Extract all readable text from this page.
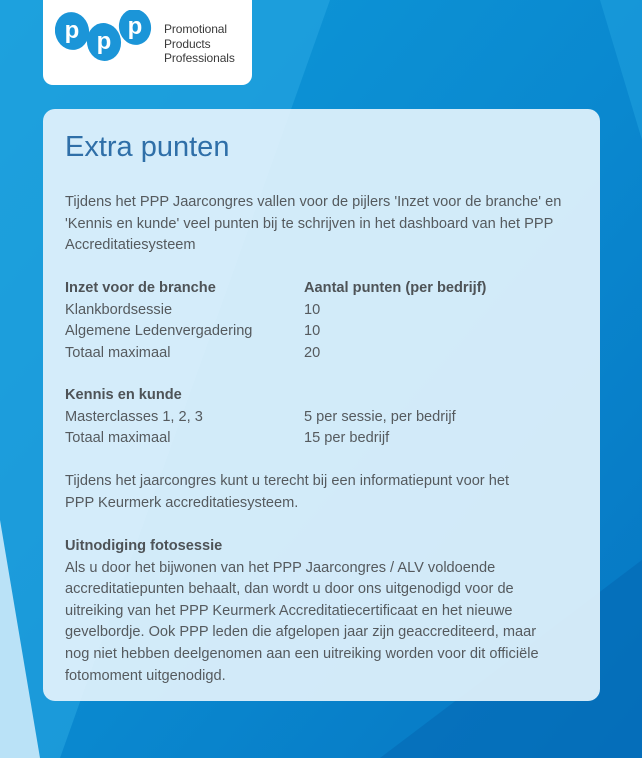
p p
p Promotional
Products
Professionals
Extra punten

Tijdens het PPP Jaarcongres vallen voor de pijlers 'Inzet voor de branche' en 'Kennis en kunde' veel punten bij te schrijven in het dashboard van het PPP Accreditatiesysteem

Inzet voor de branche	Aantal punten (per bedrijf)
Klankbordsessie	10
Algemene Ledenvergadering	10
Totaal maximaal	20
Kennis en kunde
Masterclasses 1, 2, 3	5 per sessie, per bedrijf
Totaal maximaal	15 per bedrijf

Tijdens het jaarcongres kunt u terecht bij een informatiepunt voor het PPP Keurmerk accreditatiesysteem.

Uitnodiging fotosessie
Als u door het bijwonen van het PPP Jaarcongres / ALV voldoende accreditatiepunten behaalt, dan wordt u door ons uitgenodigd voor de uitreiking van het PPP Keurmerk Accreditatiecertificaat en het nieuwe gevelbordje. Ook PPP leden die afgelopen jaar zijn geaccrediteerd, maar nog niet hebben deelgenomen aan een uitreiking worden voor dit officiële fotomoment uitgenodigd.
